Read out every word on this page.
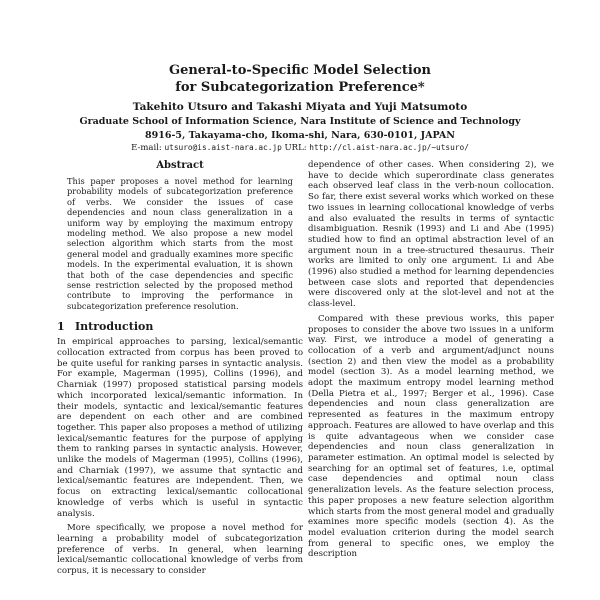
General-to-Specific Model Selection
for Subcategorization Preference*
Takehito Utsuro and Takashi Miyata and Yuji Matsumoto
Graduate School of Information Science, Nara Institute of Science and Technology
8916-5, Takayama-cho, Ikoma-shi, Nara, 630-0101, JAPAN
E-mail: utsuro@is.aist-nara.ac.jp URL: http://cl.aist-nara.ac.jp/~utsuro/
Abstract

This paper proposes a novel method for learning probability models of subcategorization preference of verbs. We consider the issues of case dependencies and noun class generalization in a uniform way by employing the maximum entropy modeling method. We also propose a new model selection algorithm which starts from the most general model and gradually examines more specific models. In the experimental evaluation, it is shown that both of the case dependencies and specific sense restriction selected by the proposed method contribute to improving the performance in subcategorization preference resolution.

1 Introduction

In empirical approaches to parsing, lexical/semantic collocation extracted from corpus has been proved to be quite useful for ranking parses in syntactic analysis. For example, Magerman (1995), Collins (1996), and Charniak (1997) proposed statistical parsing models which incorporated lexical/semantic information. In their models, syntactic and lexical/semantic features are dependent on each other and are combined together. This paper also proposes a method of utilizing lexical/semantic features for the purpose of applying them to ranking parses in syntactic analysis. However, unlike the models of Magerman (1995), Collins (1996), and Charniak (1997), we assume that syntactic and lexical/semantic features are independent. Then, we focus on extracting lexical/semantic collocational knowledge of verbs which is useful in syntactic analysis.

More specifically, we propose a novel method for learning a probability model of subcategorization preference of verbs. In general, when learning lexical/semantic collocational knowledge of verbs from corpus, it is necessary to consider

dependence of other cases. When considering 2), we have to decide which superordinate class generates each observed leaf class in the verb-noun collocation. So far, there exist several works which worked on these two issues in learning collocational knowledge of verbs and also evaluated the results in terms of syntactic disambiguation. Resnik (1993) and Li and Abe (1995) studied how to find an optimal abstraction level of an argument noun in a tree-structured thesaurus. Their works are limited to only one argument. Li and Abe (1996) also studied a method for learning dependencies between case slots and reported that dependencies were discovered only at the slot-level and not at the class-level.

Compared with these previous works, this paper proposes to consider the above two issues in a uniform way. First, we introduce a model of generating a collocation of a verb and argument/adjunct nouns (section 2) and then view the model as a probability model (section 3). As a model learning method, we adopt the maximum entropy model learning method (Della Pietra et al., 1997; Berger et al., 1996). Case dependencies and noun class generalization are represented as features in the maximum entropy approach. Features are allowed to have overlap and this is quite advantageous when we consider case dependencies and noun class generalization in parameter estimation. An optimal model is selected by searching for an optimal set of features, i.e, optimal case dependencies and optimal noun class generalization levels. As the feature selection process, this paper proposes a new feature selection algorithm which starts from the most general model and gradually examines more specific models (section 4). As the model evaluation criterion during the model search from general to specific ones, we employ the description
